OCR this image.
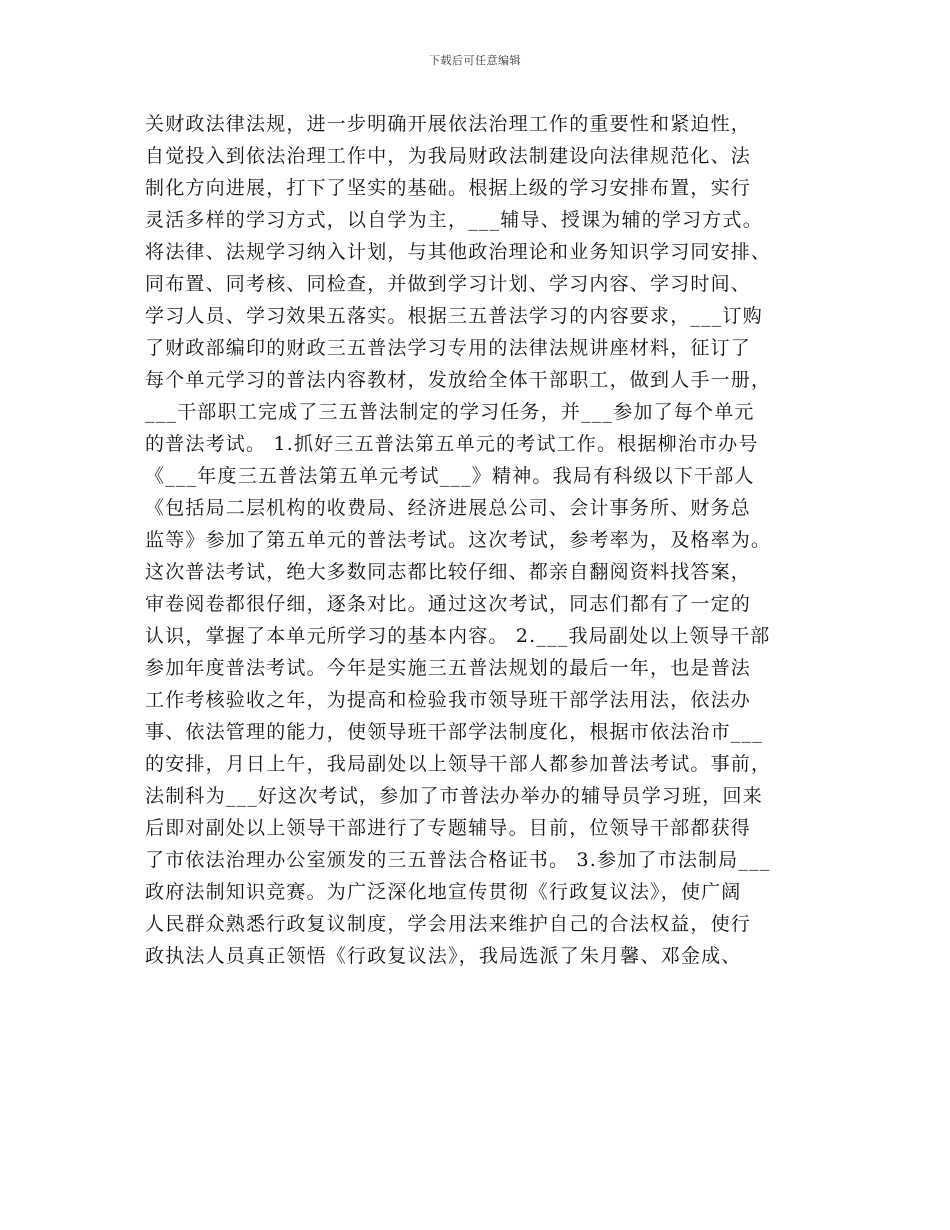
下载后可任意编辑
关财政法律法规，进一步明确开展依法治理工作的重要性和紧迫性，
自觉投入到依法治理工作中，为我局财政法制建设向法律规范化、法
制化方向进展，打下了坚实的基础。根据上级的学习安排布置，实行
灵活多样的学习方式，以自学为主，___辅导、授课为辅的学习方式。
将法律、法规学习纳入计划，与其他政治理论和业务知识学习同安排、
同布置、同考核、同检查，并做到学习计划、学习内容、学习时间、
学习人员、学习效果五落实。根据三五普法学习的内容要求，___订购
了财政部编印的财政三五普法学习专用的法律法规讲座材料，征订了
每个单元学习的普法内容教材，发放给全体干部职工，做到人手一册，
___干部职工完成了三五普法制定的学习任务，并___参加了每个单元
的普法考试。 1.抓好三五普法第五单元的考试工作。根据柳治市办号
《___年度三五普法第五单元考试___》精神。我局有科级以下干部人
《包括局二层机构的收费局、经济进展总公司、会计事务所、财务总
监等》参加了第五单元的普法考试。这次考试，参考率为，及格率为。
这次普法考试，绝大多数同志都比较仔细、都亲自翻阅资料找答案，
审卷阅卷都很仔细，逐条对比。通过这次考试，同志们都有了一定的
认识，掌握了本单元所学习的基本内容。 2.___我局副处以上领导干部
参加年度普法考试。今年是实施三五普法规划的最后一年，也是普法
工作考核验收之年，为提高和检验我市领导班干部学法用法，依法办
事、依法管理的能力，使领导班干部学法制度化，根据市依法治市___
的安排，月日上午，我局副处以上领导干部人都参加普法考试。事前，
法制科为___好这次考试，参加了市普法办举办的辅导员学习班，回来
后即对副处以上领导干部进行了专题辅导。目前，位领导干部都获得
了市依法治理办公室颁发的三五普法合格证书。 3.参加了市法制局___
政府法制知识竞赛。为广泛深化地宣传贯彻《行政复议法》，使广阔
人民群众熟悉行政复议制度，学会用法来维护自己的合法权益，使行
政执法人员真正领悟《行政复议法》，我局选派了朱月馨、邓金成、
